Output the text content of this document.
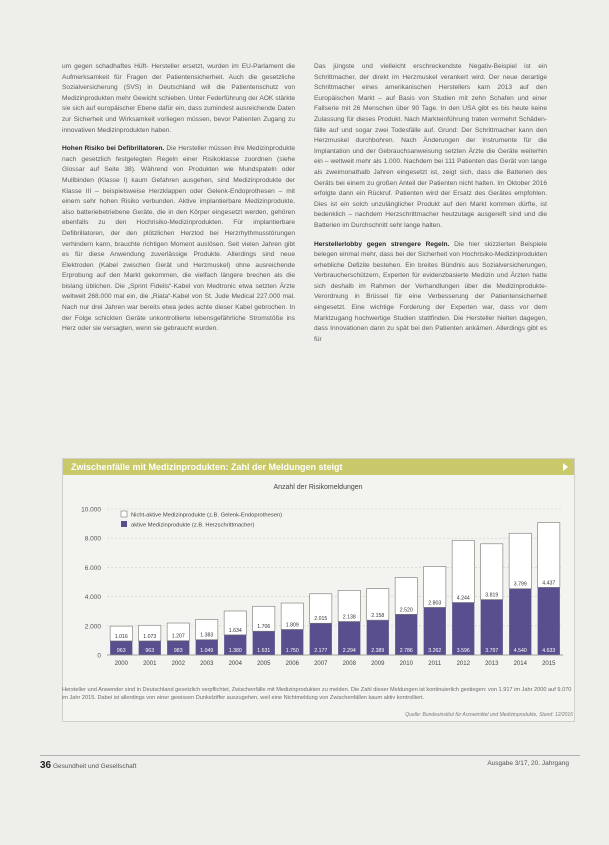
um gegen schadhaftes Hüft- Hersteller ersetzt, wurden im EU-Parlament die Aufmerksamkeit für Fragen der Patientensicherheit. Auch die gesetzliche Sozialversicherung (SVS) in Deutschland will die Patientenschutz von Medizinprodukten mehr Gewicht schieben. Unter Federführung der AOK stärkte sie sich auf europäischer Ebene dafür ein, dass zumindest ausreichende Daten zur Sicherheit und Wirksamkeit vorliegen müssen, bevor Patienten Zugang zu innovativen Medizinprodukten haben.

Hohen Risiko bei Defibrillatoren. Die Hersteller müssen ihre Medizinprodukte nach gesetzlich festgelegten Regeln einer Risikoklasse zuordnen (siehe Glossar auf Seite 38). Während von Produkten wie Mundspateln oder Mullbinden (Klasse I) kaum Gefahren ausgehen, sind Medizinprodukte der Klasse III – beispielsweise Herzklappen oder Gelenk-Endoprothesen – mit einem sehr hohen Risiko verbunden. Aktive implantierbare Medizinprodukte, also batteriebetriebene Geräte, die in den Körper eingesetzt werden, gehören ebenfalls zu den Hochrisiko-Medizinprodukten. Für implantierbare Defibrillatoren, der den plötzlichen Herztod bei Herzrhythmusstörungen verhindern kann, brauchte richtigen Moment auslösen. Seit vielen Jahren gibt es für diese Anwendung zuverlässige Produkte. Allerdings sind neue Elektroden (Kabel zwischen Gerät und Herzmuskel) ohne ausreichende Erprobung auf den Markt gekommen, die vielfach längere brechen als die bislang üblichen. Die „Sprint Fidelis“-Kabel von Medtronic etwa setzten Ärzte weltweit 268.000 mal ein, die „Riata“-Kabel von St. Jude Medical 227.000 mal. Nach nur drei Jahren war bereits etwa jedes achte dieser Kabel gebrochen. In der Folge schickten Geräte unkontrollierte lebensgefährliche Stromstöße ins Herz oder sie versagten, wenn sie gebraucht wurden.

Das jüngste und vielleicht erschreckendste Negativ-Beispiel ist ein Schrittmacher, der direkt im Herzmuskel verankert wird. Der neue derartige Schrittmacher eines amerikanischen Herstellers kam 2013 auf den Europäischen Markt – auf Basis von Studien mit zehn Schafen und einer Fallserie mit 26 Menschen über 90 Tage. In den USA gibt es bis heute keine Zulassung für dieses Produkt. Nach Markteinführung traten vermehrt Schäden-fälle auf und sogar zwei Todesfälle auf. Grund: Der Schrittmacher kann den Herzmuskel durchbohren. Nach Änderungen der Instrumente für die Implantation und der Gebrauchsanweisung setzten Ärzte die Geräte weiterhin ein – weltweit mehr als 1.000. Nachdem bei 111 Patienten das Gerät von lange als zweimonathalb Jahren eingesetzt ist, zeigt sich, dass die Batterien des Geräts bei einem zu großen Anteil der Patienten nicht halten. Im Oktober 2016 erfolgte dann ein Rückruf. Patienten wird der Ersatz des Gerätes empfohlen. Dies ist ein solch unzulänglicher Produkt auf den Markt kommen dürfte, ist bedenklich – nachdem Herzschrittmacher heutzutage ausgereift sind und die Batterien im Durchschnitt sehr lange halten.

Herstellerlobby gegen strengere Regeln. Die hier skizzierten Beispiele belegen einmal mehr, dass bei der Sicherheit von Hochrisiko-Medizinprodukten erhebliche Defizite bestehen. Ein breites Bündnis aus Sozialversicherungen, Verbraucherschützern, Experten für evidenzbasierte Medizin und Ärzten hatte sich deshalb im Rahmen der Verhandlungen über die Medizinprodukte-Verordnung in Brüssel für eine Verbesserung der Patientensicherheit eingesetzt. Eine wichtige Forderung der Experten war, dass vor dem Marktzugang hochwertige Studien stattfinden. Die Hersteller hielten dagegen, dass Innovationen dann zu spät bei den Patienten ankämen. Allerdings gibt es für

Zwischenfälle mit Medizinprodukten: Zahl der Meldungen steigt
Anzahl der Risikomeldungen
0
2.000
4.000
6.000
8.000
10.000
963
1.016
2000
963
1.073
2001
983
1.207
2002
1.049
1.383
2003
1.380
1.634
2004
1.631
1.706
2005
1.750
1.809
2006
2.177
2.015
2007
2.294
2.138
2008
2.389
2.158
2009
2.786
2.520
2010
3.262
2.803
2011
3.596
4.244
2012
3.797
3.819
2013
4.540
3.799
2014
4.633
4.437
2015
Nicht-aktive Medizinprodukte (z.B. Gelenk-Endoprothesen)
aktive Medizinprodukte (z.B. Herzschrittmacher)
Hersteller und Anwender sind in Deutschland gesetzlich verpflichtet, Zwischenfälle mit Medizinprodukten zu melden. Die Zahl dieser Meldungen ist kontinuierlich gestiegen: von 1.917 im Jahr 2000 auf 9.070 im Jahr 2015. Dabei ist allerdings von einer gewissen Dunkelziffer auszugehen, weil eine Nichtmeldung von Zwischenfällen kaum aktiv kontrolliert.
Quelle: Bundesinstitut für Arzneimittel und Medizinprodukte, Stand: 12/2016
36 Gesundheit und Gesellschaft	Ausgabe 3/17, 20. Jahrgang
